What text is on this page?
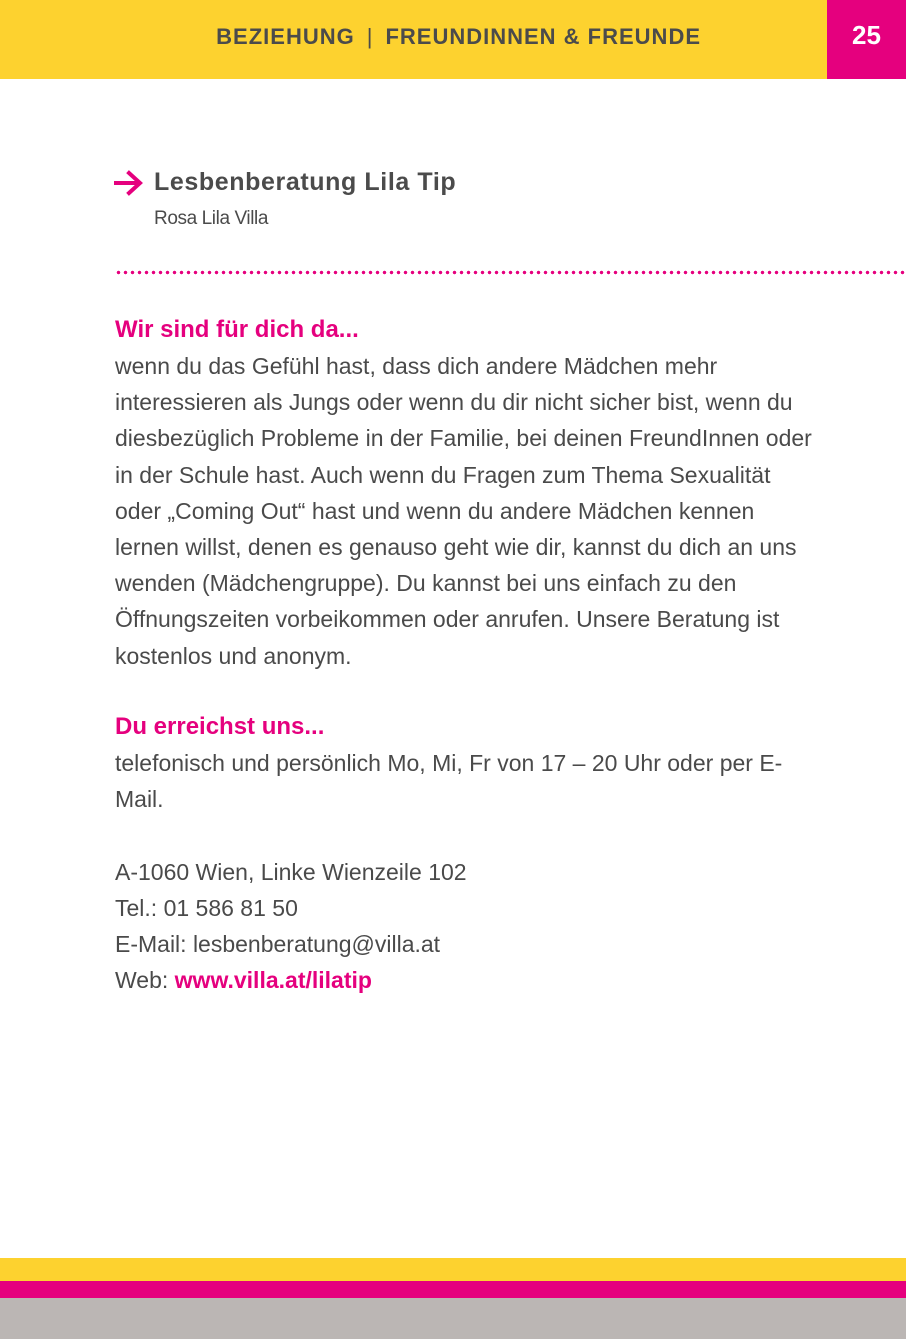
BEZIEHUNG | FREUNDINNEN & FREUNDE	25
Lesbenberatung Lila Tip
Rosa Lila Villa
Wir sind für dich da...

wenn du das Gefühl hast, dass dich andere Mädchen mehr interessieren als Jungs oder wenn du dir nicht sicher bist, wenn du diesbezüglich Probleme in der Familie, bei deinen FreundInnen oder in der Schule hast. Auch wenn du Fragen zum Thema Sexualität oder „Coming Out“ hast und wenn du andere Mädchen kennen lernen willst, denen es genauso geht wie dir, kannst du dich an uns wenden (Mädchengruppe). Du kannst bei uns einfach zu den Öffnungszeiten vorbeikommen oder anrufen. Unsere Beratung ist kostenlos und anonym.

Du erreichst uns...

telefonisch und persönlich Mo, Mi, Fr von 17 – 20 Uhr oder per E-Mail.

A-1060 Wien, Linke Wienzeile 102
Tel.: 01 586 81 50
E-Mail: lesbenberatung@villa.at
Web: www.villa.at/lilatip
